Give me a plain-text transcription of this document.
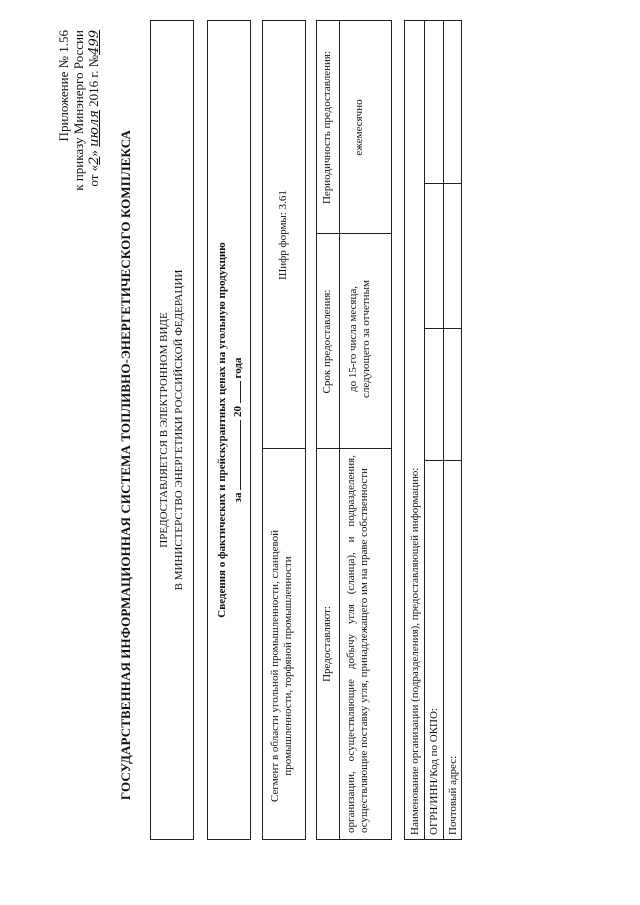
Приложение № 1.56 к приказу Минэнерго России от «2» июля 2016 г. №499
ГОСУДАРСТВЕННАЯ ИНФОРМАЦИОННАЯ СИСТЕМА ТОПЛИВНО-ЭНЕРГЕТИЧЕСКОГО КОМПЛЕКСА ПРЕДОСТАВЛЯЕТСЯ В ЭЛЕКТРОННОМ ВИДЕ В МИНИСТЕРСТВО ЭНЕРГЕТИКИ РОССИЙСКОЙ ФЕДЕРАЦИИ	Сведения о фактических и прейскурантных ценах на угольную продукцию за  20  года
Сегмент в области угольной промышленности, сланцевой промышленности, торфяной промышленности
Шифр формы: 3.61
Предоставляют:
Срок предоставления:
Периодичность предоставления:
организации, осуществляющие добычу угля (сланца), и подразделения, осуществляющие поставку угля, принадлежащего им на праве собственности
до 15-го числа месяца, следующего за отчетным
ежемесячно
Наименование организации (подразделения), предоставляющей информацию: ОГРН/ИНН/Код по ОКПО: Почтовый адрес:
